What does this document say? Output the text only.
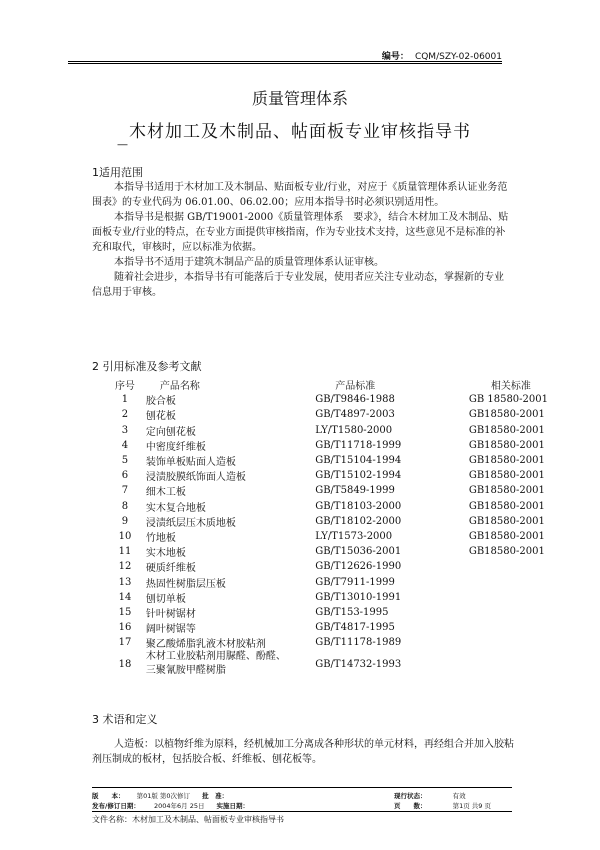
编号： CQM/SZY-02-06001
质量管理体系
木材加工及木制品、帖面板专业审核指导书
—
1适用范围

本指导书适用于木材加工及木制品、贴面板专业/行业，对应于《质量管理体系认证业务范围表》的专业代码为 06.01.00、06.02.00；应用本指导书时必须识别适用性。

本指导书是根据 GB/T19001-2000《质量管理体系　要求》，结合木材加工及木制品、贴面板专业/行业的特点，在专业方面提供审核指南，作为专业技术支持，这些意见不是标准的补充和取代，审核时，应以标准为依据。

本指导书不适用于建筑木制品产品的质量管理体系认证审核。

随着社会进步，本指导书有可能落后于专业发展，使用者应关注专业动态，掌握新的专业信息用于审核。

2 引用标准及参考文献
序号	产品名称	产品标准	相关标准
1	胶合板	GB/T9846-1988	GB 18580-2001
2	刨花板	GB/T4897-2003	GB18580-2001
3	定向刨花板	LY/T1580-2000	GB18580-2001
4	中密度纤维板	GB/T11718-1999	GB18580-2001
5	装饰单板贴面人造板	GB/T15104-1994	GB18580-2001
6	浸渍胶膜纸饰面人造板	GB/T15102-1994	GB18580-2001
7	细木工板	GB/T5849-1999	GB18580-2001
8	实木复合地板	GB/T18103-2000	GB18580-2001
9	浸渍纸层压木质地板	GB/T18102-2000	GB18580-2001
10	竹地板	LY/T1573-2000	GB18580-2001
11	实木地板	GB/T15036-2001	GB18580-2001
12	硬质纤维板	GB/T12626-1990	
13	热固性树脂层压板	GB/T7911-1999	
14	刨切单板	GB/T13010-1991	
15	针叶树锯材	GB/T153-1995	
16	阔叶树锯等	GB/T4817-1995	
17	聚乙酸烯脂乳液木材胶粘剂	GB/T11178-1989	
18	木材工业胶粘剂用脲醛、酚醛、三聚氰胺甲醛树脂	GB/T14732-1993	
3 术语和定义

人造板：以植物纤维为原料，经机械加工分离成各种形状的单元材料，再经组合并加入胶粘剂压制成的板材，包括胶合板、纤维板、刨花板等。

版　　本： 第01版 第0次修订 批　准：	现行状态：	有效
发布/修订日期： 2004年6月 25日 实施日期：	页　　数：	第1页 共9 页
文件名称：木材加工及木制品、帖面板专业审核指导书
